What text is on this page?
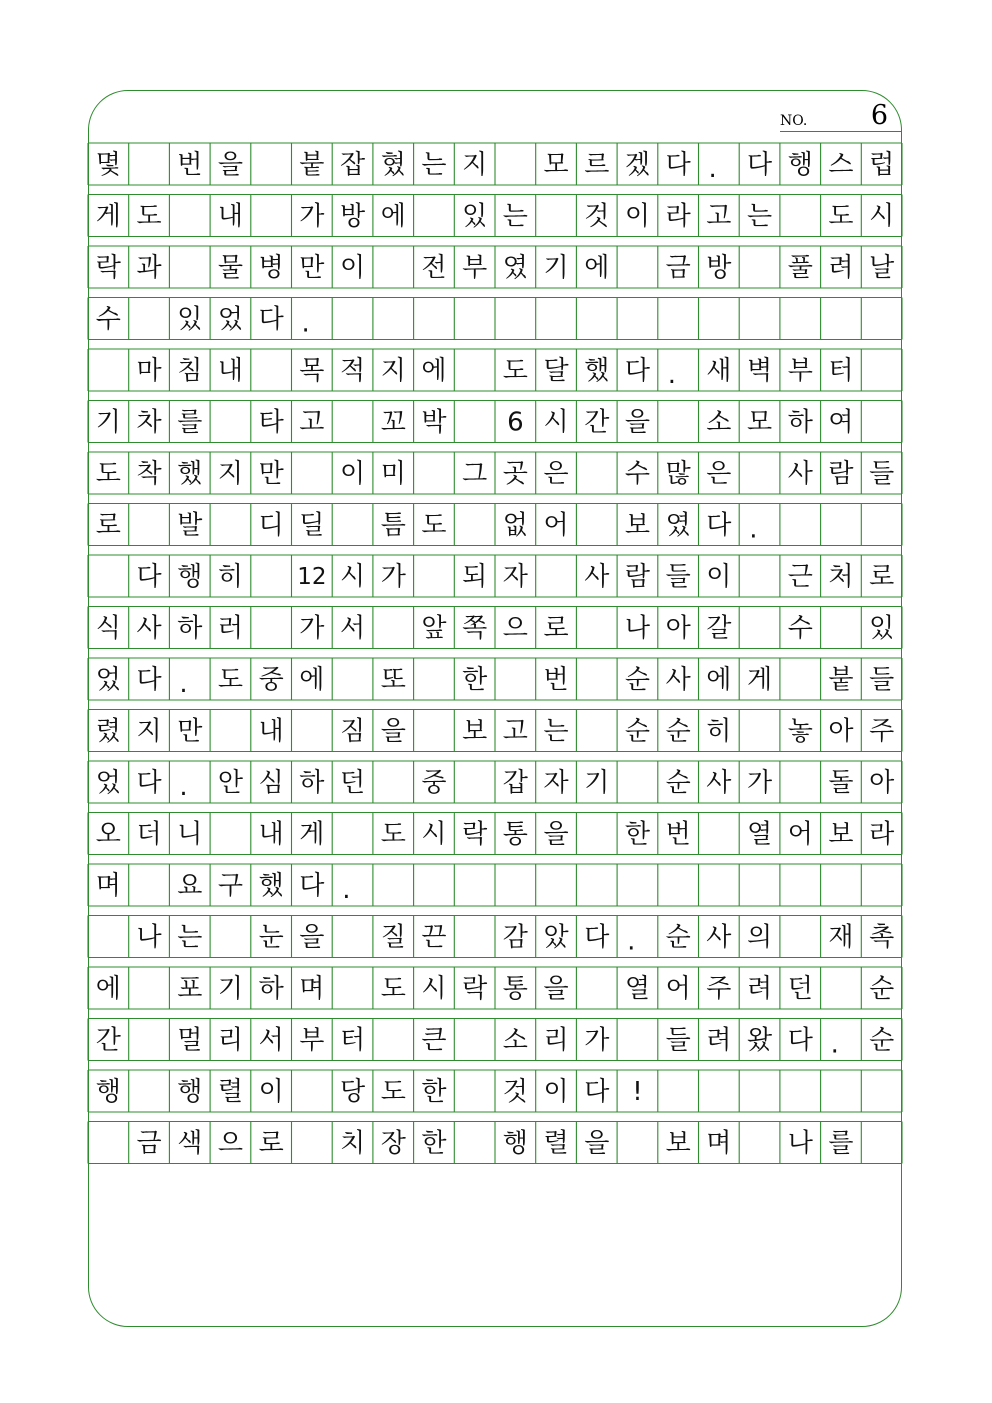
NO. 6
몇 번 을 붙 잡 혔 는 지 모 르 겠 다 . 다 행 스 럽
게 도 내 가 방 에 있 는 것 이 라 고 는 도 시
락 과 물 병 만 이 전 부 였 기 에 금 방 풀 려 날
수 있 었 다 .
마 침 내 목 적 지 에 도 달 했 다 . 새 벽 부 터
기 차 를 타 고 꼬 박 6 시 간 을 소 모 하 여
도 착 했 지 만 이 미 그 곳 은 수 많 은 사 람 들
로 발 디 딜 틈 도 없 어 보 였 다 .
다 행 히 12 시 가 되 자 사 람 들 이 근 처 로
식 사 하 러 가 서 앞 쪽 으 로 나 아 갈 수 있
었 다 . 도 중 에 또 한 번 순 사 에 게 붙 들
렸 지 만 내 짐 을 보 고 는 순 순 히 놓 아 주
었 다 . 안 심 하 던 중 갑 자 기 순 사 가 돌 아
오 더 니 내 게 도 시 락 통 을 한 번 열 어 보 라
며 요 구 했 다 .
나 는 눈 을 질 끈 감 았 다 . 순 사 의 재 촉
에 포 기 하 며 도 시 락 통 을 열 어 주 려 던 순
간 멀 리 서 부 터 큰 소 리 가 들 려 왔 다 . 순
행 행 렬 이 당 도 한 것 이 다 !
금 색 으 로 치 장 한 행 렬 을 보 며 나 를
